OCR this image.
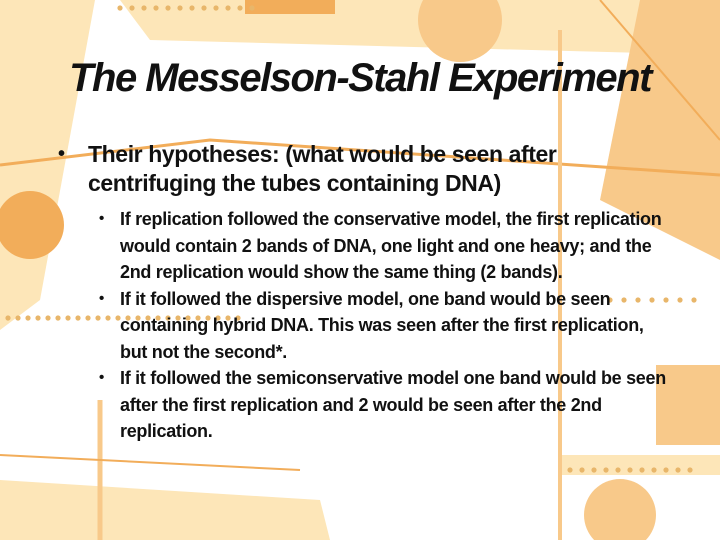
The Messelson-Stahl Experiment
• Their hypotheses: (what would be seen after centrifuging the tubes containing DNA)
• If replication followed the conservative model, the first replication would contain 2 bands of DNA, one light and one heavy; and the 2nd replication would show the same thing (2 bands).
• If it followed the dispersive model, one band would be seen containing hybrid DNA. This was seen after the first replication, but not the second*.
• If it followed the semiconservative model one band would be seen after the first replication and 2 would be seen after the 2nd replication.
